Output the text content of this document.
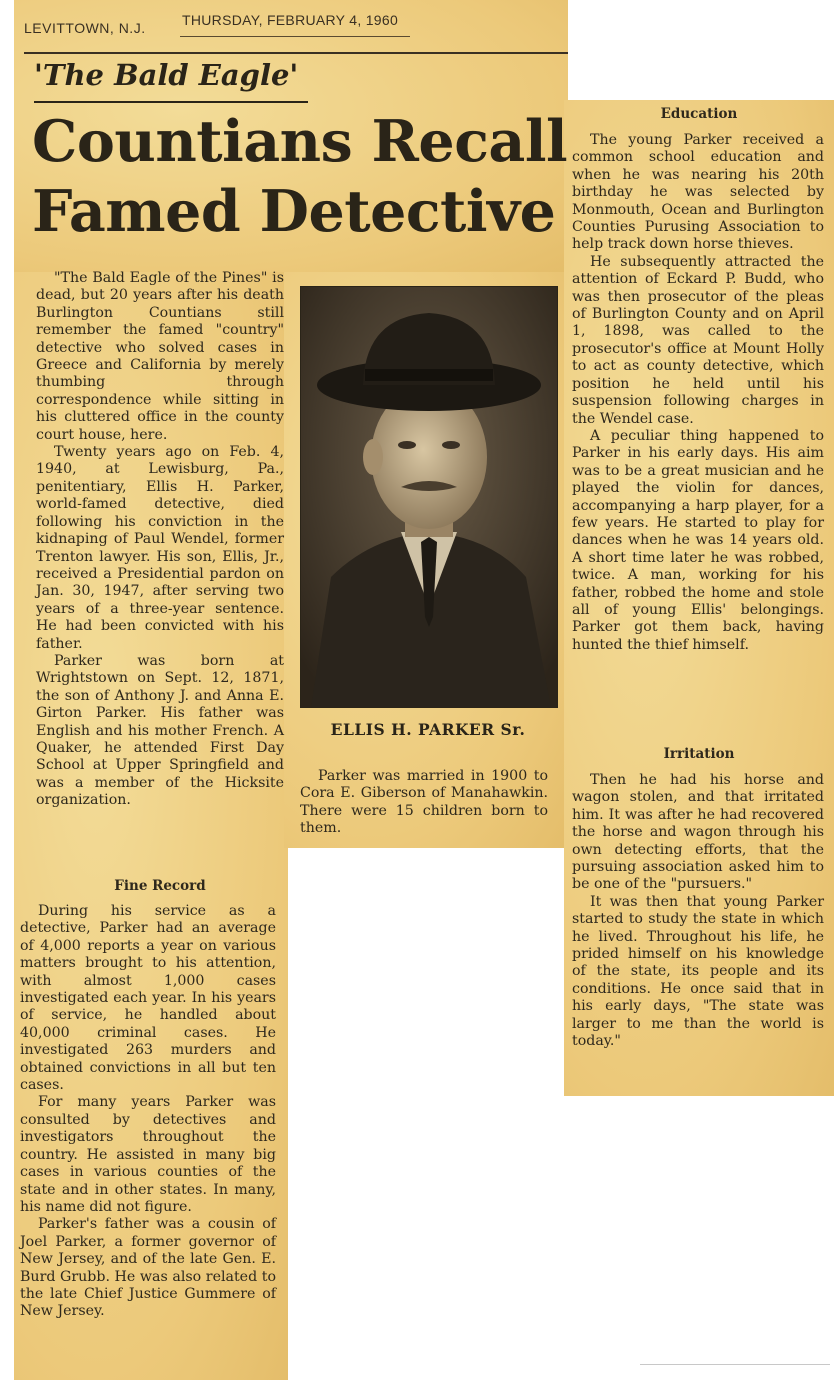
LEVITTOWN, N.J.	THURSDAY, FEBRUARY 4, 1960
'The Bald Eagle'
Countians Recall
Famed Detective
"The Bald Eagle of the Pines" is dead, but 20 years after his death Burlington Countians still remember the famed "country" detective who solved cases in Greece and California by merely thumbing through correspondence while sitting in his cluttered office in the county court house, here.
Twenty years ago on Feb. 4, 1940, at Lewisburg, Pa., penitentiary, Ellis H. Parker, world-famed detective, died following his conviction in the kidnaping of Paul Wendel, former Trenton lawyer. His son, Ellis, Jr., received a Presidential pardon on Jan. 30, 1947, after serving two years of a three-year sentence. He had been convicted with his father.
Parker was born at Wrightstown on Sept. 12, 1871, the son of Anthony J. and Anna E. Girton Parker. His father was English and his mother French. A Quaker, he attended First Day School at Upper Springfield and was a member of the Hicksite organization.
Fine Record
During his service as a detective, Parker had an average of 4,000 reports a year on various matters brought to his attention, with almost 1,000 cases investigated each year. In his years of service, he handled about 40,000 criminal cases. He investigated 263 murders and obtained convictions in all but ten cases.
For many years Parker was consulted by detectives and investigators throughout the country. He assisted in many big cases in various counties of the state and in other states. In many, his name did not figure.
Parker's father was a cousin of Joel Parker, a former governor of New Jersey, and of the late Gen. E. Burd Grubb. He was also related to the late Chief Justice Gummere of New Jersey.
ELLIS H. PARKER Sr.
Parker was married in 1900 to Cora E. Giberson of Manahawkin. There were 15 children born to them.
Education
The young Parker received a common school education and when he was nearing his 20th birthday he was selected by Monmouth, Ocean and Burlington Counties Purusing Association to help track down horse thieves.
He subsequently attracted the attention of Eckard P. Budd, who was then prosecutor of the pleas of Burlington County and on April 1, 1898, was called to the prosecutor's office at Mount Holly to act as county detective, which position he held until his suspension following charges in the Wendel case.
A peculiar thing happened to Parker in his early days. His aim was to be a great musician and he played the violin for dances, accompanying a harp player, for a few years. He started to play for dances when he was 14 years old. A short time later he was robbed, twice. A man, working for his father, robbed the home and stole all of young Ellis' belongings. Parker got them back, having hunted the thief himself.
Irritation
Then he had his horse and wagon stolen, and that irritated him. It was after he had recovered the horse and wagon through his own detecting efforts, that the pursuing association asked him to be one of the "pursuers."
It was then that young Parker started to study the state in which he lived. Throughout his life, he prided himself on his knowledge of the state, its people and its conditions. He once said that in his early days, "The state was larger to me than the world is today."
